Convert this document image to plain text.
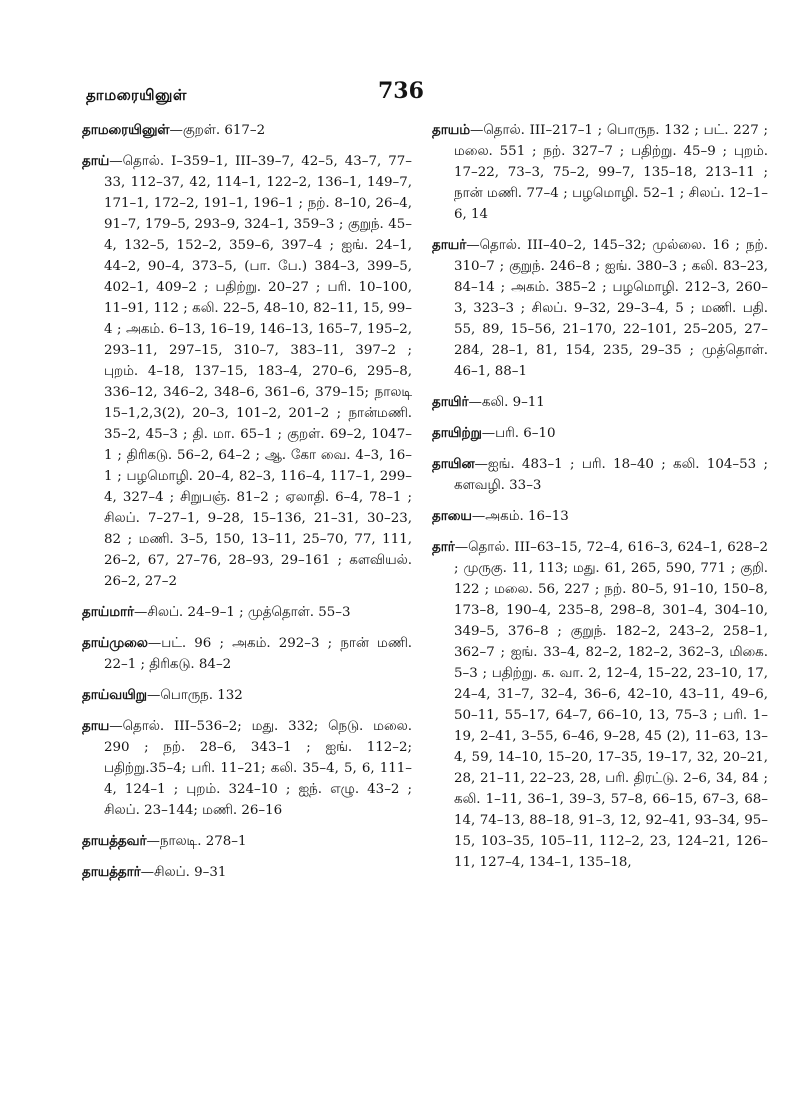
தாமரையினுள்	736

தாமரையினுள்—குறள். 617–2

தாய்—தொல். I–359–1, III–39–7, 42–5, 43–7, 77–33, 112–37, 42, 114–1, 122–2, 136–1, 149–7, 171–1, 172–2, 191–1, 196–1 ; நற். 8–10, 26–4, 91–7, 179–5, 293–9, 324–1, 359–3 ; குறுந். 45–4, 132–5, 152–2, 359–6, 397–4 ; ஐங். 24–1, 44–2, 90–4, 373–5, (பா. பே.) 384–3, 399–5, 402–1, 409–2 ; பதிற்று. 20–27 ; பரி. 10–100, 11–91, 112 ; கலி. 22–5, 48–10, 82–11, 15, 99–4 ; அகம். 6–13, 16–19, 146–13, 165–7, 195–2, 293–11, 297–15, 310–7, 383–11, 397–2 ; புறம். 4–18, 137–15, 183–4, 270–6, 295–8, 336–12, 346–2, 348–6, 361–6, 379–15; நாலடி 15–1,2,3(2), 20–3, 101–2, 201–2 ; நான்மணி. 35–2, 45–3 ; தி. மா. 65–1 ; குறள். 69–2, 1047–1 ; திரிகடு. 56–2, 64–2 ; ஆ. கோ வை. 4–3, 16–1 ; பழமொழி. 20–4, 82–3, 116–4, 117–1, 299–4, 327–4 ; சிறுபஞ். 81–2 ; ஏலாதி. 6–4, 78–1 ; சிலப். 7–27–1, 9–28, 15–136, 21–31, 30–23, 82 ; மணி. 3–5, 150, 13–11, 25–70, 77, 111, 26–2, 67, 27–76, 28–93, 29–161 ; களவியல். 26–2, 27–2

தாய்மார்—சிலப். 24–9–1 ; முத்தொள். 55–3

தாய்முலை—பட். 96 ; அகம். 292–3 ; நான் மணி. 22–1 ; திரிகடு. 84–2

தாய்வயிறு—பொருந. 132

தாய—தொல். III–536–2; மது. 332; நெடு. மலை. 290 ; நற். 28–6, 343–1 ; ஐங். 112–2; பதிற்று.35–4; பரி. 11–21; கலி. 35–4, 5, 6, 111–4, 124–1 ; புறம். 324–10 ; ஐந். எழு. 43–2 ; சிலப். 23–144; மணி. 26–16

தாயத்தவர்—நாலடி. 278–1

தாயத்தார்—சிலப். 9–31

தாயம்—தொல். III–217–1 ; பொருந. 132 ; பட். 227 ; மலை. 551 ; நற். 327–7 ; பதிற்று. 45–9 ; புறம். 17–22, 73–3, 75–2, 99–7, 135–18, 213–11 ; நான் மணி. 77–4 ; பழமொழி. 52–1 ; சிலப். 12–1–6, 14

தாயர்—தொல். III–40–2, 145–32; முல்லை. 16 ; நற். 310–7 ; குறுந். 246–8 ; ஐங். 380–3 ; கலி. 83–23, 84–14 ; அகம். 385–2 ; பழமொழி. 212–3, 260–3, 323–3 ; சிலப். 9–32, 29–3–4, 5 ; மணி. பதி. 55, 89, 15–56, 21–170, 22–101, 25–205, 27–284, 28–1, 81, 154, 235, 29–35 ; முத்தொள். 46–1, 88–1

தாயிர்—கலி. 9–11

தாயிற்று—பரி. 6–10

தாயின—ஐங். 483–1 ; பரி. 18–40 ; கலி. 104–53 ; களவழி. 33–3

தாயை—அகம். 16–13

தார்—தொல். III–63–15, 72–4, 616–3, 624–1, 628–2 ; முருகு. 11, 113; மது. 61, 265, 590, 771 ; குறி. 122 ; மலை. 56, 227 ; நற். 80–5, 91–10, 150–8, 173–8, 190–4, 235–8, 298–8, 301–4, 304–10, 349–5, 376–8 ; குறுந். 182–2, 243–2, 258–1, 362–7 ; ஐங். 33–4, 82–2, 182–2, 362–3, மிகை. 5–3 ; பதிற்று. க. வா. 2, 12–4, 15–22, 23–10, 17, 24–4, 31–7, 32–4, 36–6, 42–10, 43–11, 49–6, 50–11, 55–17, 64–7, 66–10, 13, 75–3 ; பரி. 1–19, 2–41, 3–55, 6–46, 9–28, 45 (2), 11–63, 13–4, 59, 14–10, 15–20, 17–35, 19–17, 32, 20–21, 28, 21–11, 22–23, 28, பரி. திரட்டு. 2–6, 34, 84 ; கலி. 1–11, 36–1, 39–3, 57–8, 66–15, 67–3, 68–14, 74–13, 88–18, 91–3, 12, 92–41, 93–34, 95–15, 103–35, 105–11, 112–2, 23, 124–21, 126–11, 127–4, 134–1, 135–18,
